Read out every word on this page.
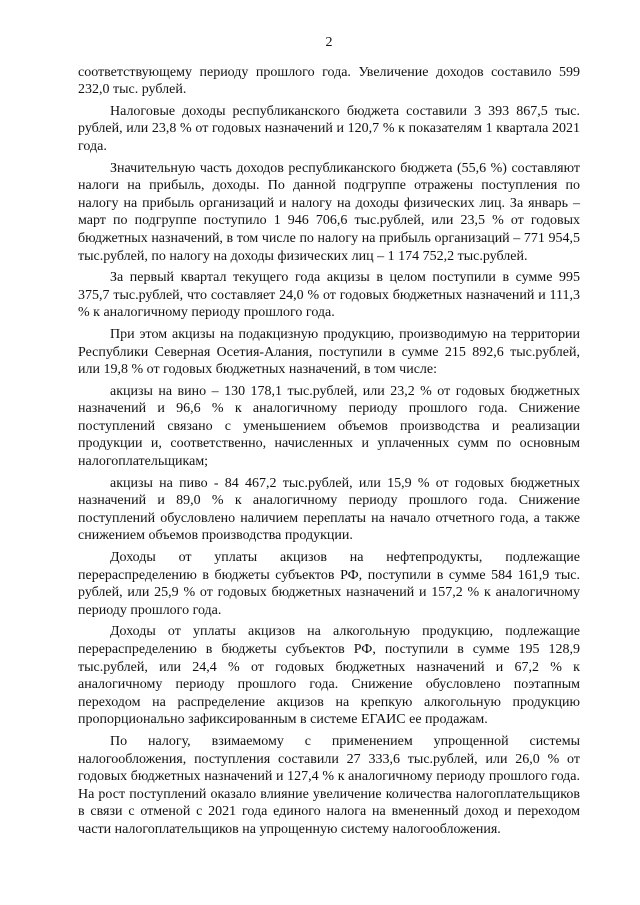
2

соответствующему периоду прошлого года. Увеличение доходов составило 599 232,0 тыс. рублей.

Налоговые доходы республиканского бюджета составили 3 393 867,5 тыс. рублей, или 23,8 % от годовых назначений и 120,7 % к показателям 1 квартала 2021 года.

Значительную часть доходов республиканского бюджета (55,6 %) составляют налоги на прибыль, доходы. По данной подгруппе отражены поступления по налогу на прибыль организаций и налогу на доходы физических лиц. За январь – март по подгруппе поступило 1 946 706,6 тыс.рублей, или 23,5 % от годовых бюджетных назначений, в том числе по налогу на прибыль организаций – 771 954,5 тыс.рублей, по налогу на доходы физических лиц – 1 174 752,2 тыс.рублей.

За первый квартал текущего года акцизы в целом поступили в сумме 995 375,7 тыс.рублей, что составляет 24,0 % от годовых бюджетных назначений и 111,3 % к аналогичному периоду прошлого года.

При этом акцизы на подакцизную продукцию, производимую на территории Республики Северная Осетия-Алания, поступили в сумме 215 892,6 тыс.рублей, или 19,8 % от годовых бюджетных назначений, в том числе:

акцизы на вино – 130 178,1 тыс.рублей, или 23,2 % от годовых бюджетных назначений и 96,6 % к аналогичному периоду прошлого года. Снижение поступлений связано с уменьшением объемов производства и реализации продукции и, соответственно, начисленных и уплаченных сумм по основным налогоплательщикам;

акцизы на пиво - 84 467,2 тыс.рублей, или 15,9 % от годовых бюджетных назначений и 89,0 % к аналогичному периоду прошлого года. Снижение поступлений обусловлено наличием переплаты на начало отчетного года, а также снижением объемов производства продукции.

Доходы от уплаты акцизов на нефтепродукты, подлежащие перераспределению в бюджеты субъектов РФ, поступили в сумме 584 161,9 тыс. рублей, или 25,9 % от годовых бюджетных назначений и 157,2 % к аналогичному периоду прошлого года.

Доходы от уплаты акцизов на алкогольную продукцию, подлежащие перераспределению в бюджеты субъектов РФ, поступили в сумме 195 128,9 тыс.рублей, или 24,4 % от годовых бюджетных назначений и 67,2 % к аналогичному периоду прошлого года. Снижение обусловлено поэтапным переходом на распределение акцизов на крепкую алкогольную продукцию пропорционально зафиксированным в системе ЕГАИС ее продажам.

По налогу, взимаемому с применением упрощенной системы налогообложения, поступления составили 27 333,6 тыс.рублей, или 26,0 % от годовых бюджетных назначений и 127,4 % к аналогичному периоду прошлого года. На рост поступлений оказало влияние увеличение количества налогоплательщиков в связи с отменой с 2021 года единого налога на вмененный доход и переходом части налогоплательщиков на упрощенную систему налогообложения.
